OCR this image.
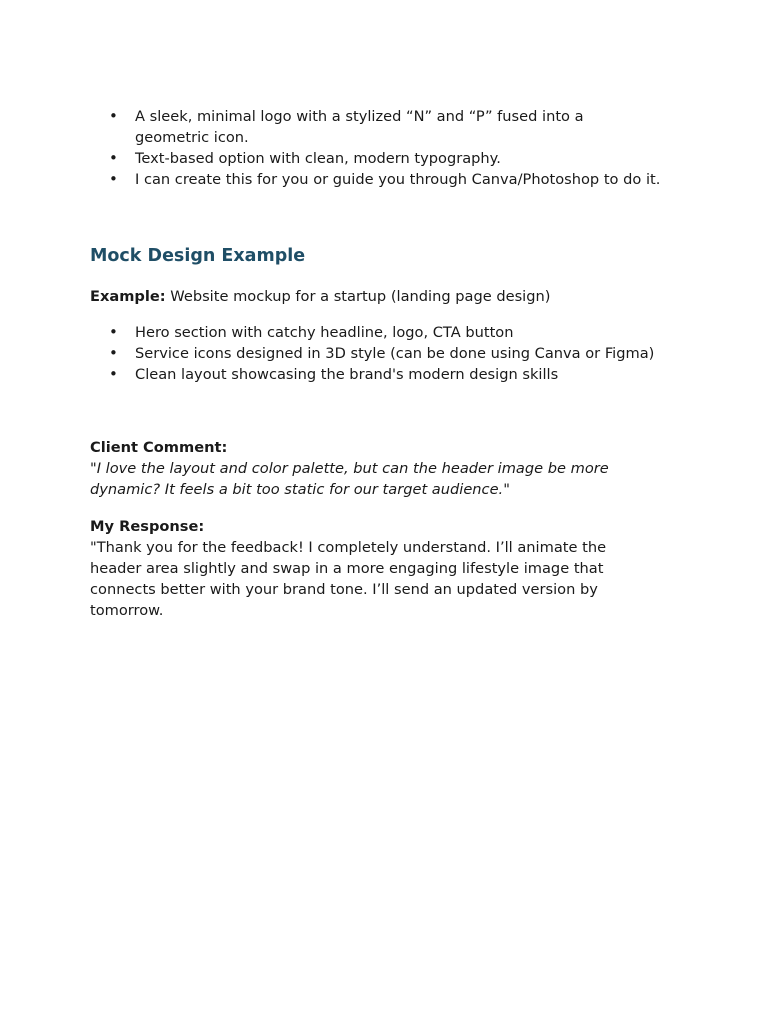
• A sleek, minimal logo with a stylized “N” and “P” fused into a geometric icon.
• Text-based option with clean, modern typography.
• I can create this for you or guide you through Canva/Photoshop to do it.
Mock Design Example
Example: Website mockup for a startup (landing page design)
• Hero section with catchy headline, logo, CTA button
• Service icons designed in 3D style (can be done using Canva or Figma)
• Clean layout showcasing the brand's modern design skills
Client Comment:
"I love the layout and color palette, but can the header image be more dynamic? It feels a bit too static for our target audience."
My Response:
"Thank you for the feedback! I completely understand. I’ll animate the header area slightly and swap in a more engaging lifestyle image that connects better with your brand tone. I’ll send an updated version by tomorrow.
